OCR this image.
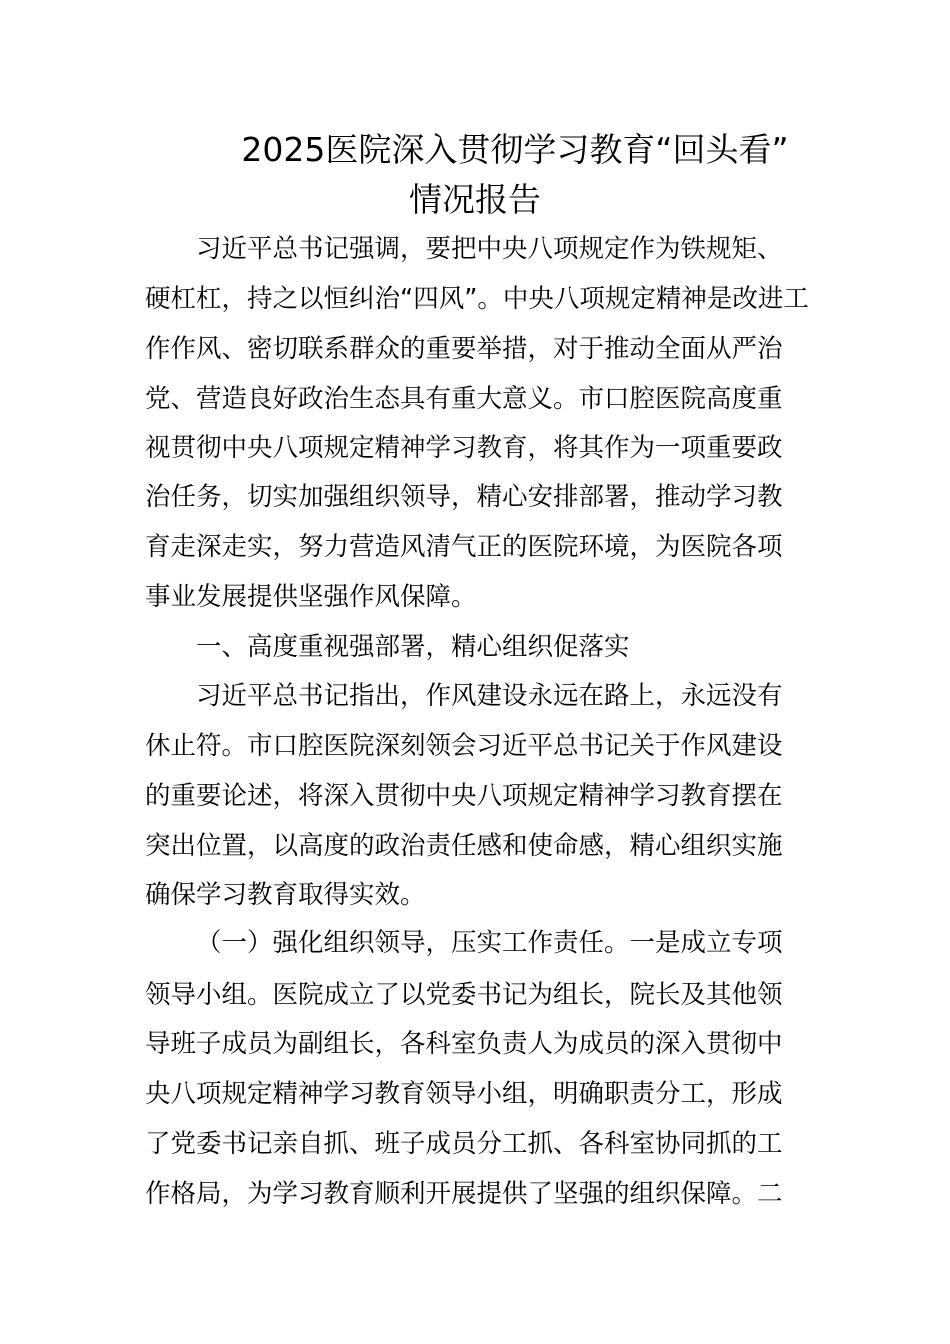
2025医院深入贯彻学习教育“回头看”
情况报告
习近平总书记强调，要把中央八项规定作为铁规矩、
硬杠杠，持之以恒纠治“四风”。中央八项规定精神是改进工
作作风、密切联系群众的重要举措，对于推动全面从严治
党、营造良好政治生态具有重大意义。市口腔医院高度重
视贯彻中央八项规定精神学习教育，将其作为一项重要政
治任务，切实加强组织领导，精心安排部署，推动学习教
育走深走实，努力营造风清气正的医院环境，为医院各项
事业发展提供坚强作风保障。
一、高度重视强部署，精心组织促落实
习近平总书记指出，作风建设永远在路上，永远没有
休止符。市口腔医院深刻领会习近平总书记关于作风建设
的重要论述，将深入贯彻中央八项规定精神学习教育摆在
突出位置，以高度的政治责任感和使命感，精心组织实施
确保学习教育取得实效。
（一）强化组织领导，压实工作责任。一是成立专项
领导小组。医院成立了以党委书记为组长，院长及其他领
导班子成员为副组长，各科室负责人为成员的深入贯彻中
央八项规定精神学习教育领导小组，明确职责分工，形成
了党委书记亲自抓、班子成员分工抓、各科室协同抓的工
作格局，为学习教育顺利开展提供了坚强的组织保障。二
